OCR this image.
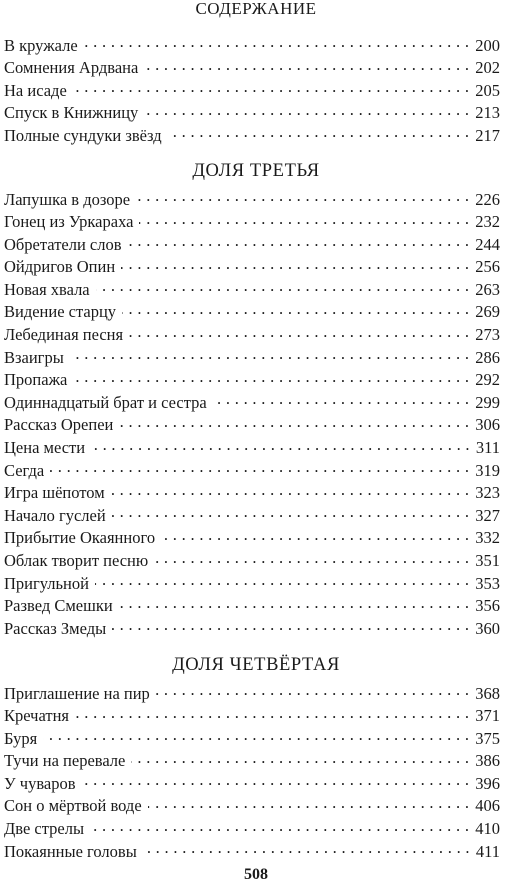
СОДЕРЖАНИЕ
В кружале . . .	200
Сомнения Ардвана . . .	202
На исаде . . .	205
Спуск в Книжницу . . .	213
Полные сундуки звёзд . . .	217
ДОЛЯ ТРЕТЬЯ
Лапушка в дозоре . . .	226
Гонец из Уркараха . . .	232
Обретатели слов . . .	244
Ойдригов Опин . . .	256
Новая хвала . . .	263
Видение старцу . . .	269
Лебединая песня . . .	273
Взаигры . . .	286
Пропажа . . .	292
Одиннадцатый брат и сестра . . .	299
Рассказ Орепеи . . .	306
Цена мести . . .	311
Сегда . . .	319
Игра шёпотом . . .	323
Начало гуслей . . .	327
Прибытие Окаянного . . .	332
Облак творит песню . . .	351
Пригульной . . .	353
Развед Смешки . . .	356
Рассказ Змеды . . .	360
ДОЛЯ ЧЕТВЁРТАЯ
Приглашение на пир . . .	368
Кречатня . . .	371
Буря . . .	375
Тучи на перевале . . .	386
У чуваров . . .	396
Сон о мёртвой воде . . .	406
Две стрелы . . .	410
Покаянные головы . . .	411
508
